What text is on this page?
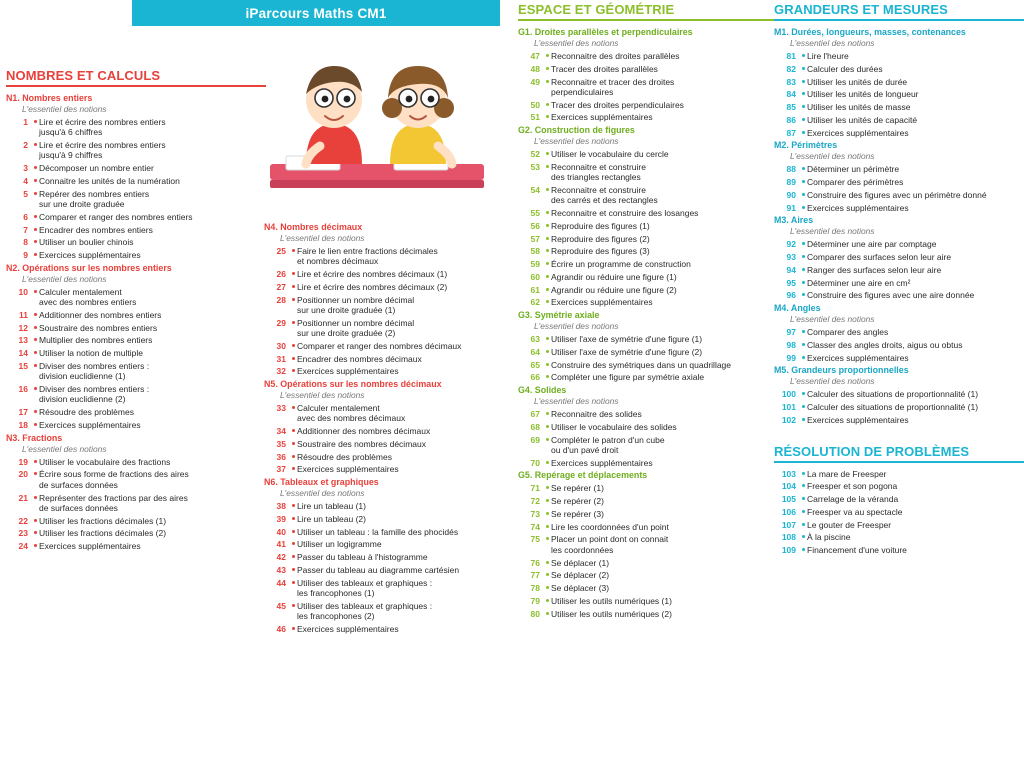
iParcours Maths CM1
NOMBRES ET CALCULS
N1. Nombres entiers
L'essentiel des notions
1	Lire et écrire des nombres entiers
jusqu'à 6 chiffres
2	Lire et écrire des nombres entiers
jusqu'à 9 chiffres
3	Décomposer un nombre entier
4	Connaitre les unités de la numération
5	Repérer des nombres entiers
sur une droite graduée
6	Comparer et ranger des nombres entiers
7	Encadrer des nombres entiers
8	Utiliser un boulier chinois
9	Exercices supplémentaires
N2. Opérations sur les nombres entiers
L'essentiel des notions
10	Calculer mentalement
avec des nombres entiers
11	Additionner des nombres entiers
12	Soustraire des nombres entiers
13	Multiplier des nombres entiers
14	Utiliser la notion de multiple
15	Diviser des nombres entiers :
division euclidienne (1)
16	Diviser des nombres entiers :
division euclidienne (2)
17	Résoudre des problèmes
18	Exercices supplémentaires
N3. Fractions
L'essentiel des notions
19	Utiliser le vocabulaire des fractions
20	Écrire sous forme de fractions des aires
de surfaces données
21	Représenter des fractions par des aires
de surfaces données
22	Utiliser les fractions décimales (1)
23	Utiliser les fractions décimales (2)
24	Exercices supplémentaires
N4. Nombres décimaux
L'essentiel des notions
25	Faire le lien entre fractions décimales
et nombres décimaux
26	Lire et écrire des nombres décimaux (1)
27	Lire et écrire des nombres décimaux (2)
28	Positionner un nombre décimal
sur une droite graduée (1)
29	Positionner un nombre décimal
sur une droite graduée (2)
30	Comparer et ranger des nombres décimaux
31	Encadrer des nombres décimaux
32	Exercices supplémentaires
N5. Opérations sur les nombres décimaux
L'essentiel des notions
33	Calculer mentalement
avec des nombres décimaux
34	Additionner des nombres décimaux
35	Soustraire des nombres décimaux
36	Résoudre des problèmes
37	Exercices supplémentaires
N6. Tableaux et graphiques
L'essentiel des notions
38	Lire un tableau (1)
39	Lire un tableau (2)
40	Utiliser un tableau : la famille des phocidés
41	Utiliser un logigramme
42	Passer du tableau à l'histogramme
43	Passer du tableau au diagramme cartésien
44	Utiliser des tableaux et graphiques :
les francophones (1)
45	Utiliser des tableaux et graphiques :
les francophones (2)
46	Exercices supplémentaires
ESPACE ET GÉOMÉTRIE
G1. Droites parallèles et perpendiculaires
L'essentiel des notions
47	Reconnaitre des droites parallèles
48	Tracer des droites parallèles
49	Reconnaitre et tracer des droites
perpendiculaires
50	Tracer des droites perpendiculaires
51	Exercices supplémentaires
G2. Construction de figures
L'essentiel des notions
52	Utiliser le vocabulaire du cercle
53	Reconnaitre et construire
des triangles rectangles
54	Reconnaitre et construire
des carrés et des rectangles
55	Reconnaitre et construire des losanges
56	Reproduire des figures (1)
57	Reproduire des figures (2)
58	Reproduire des figures (3)
59	Écrire un programme de construction
60	Agrandir ou réduire une figure (1)
61	Agrandir ou réduire une figure (2)
62	Exercices supplémentaires
G3. Symétrie axiale
L'essentiel des notions
63	Utiliser l'axe de symétrie d'une figure (1)
64	Utiliser l'axe de symétrie d'une figure (2)
65	Construire des symétriques dans un quadrillage
66	Compléter une figure par symétrie axiale
G4. Solides
L'essentiel des notions
67	Reconnaitre des solides
68	Utiliser le vocabulaire des solides
69	Compléter le patron d'un cube
ou d'un pavé droit
70	Exercices supplémentaires
G5. Repérage et déplacements
71	Se repérer (1)
72	Se repérer (2)
73	Se repérer (3)
74	Lire les coordonnées d'un point
75	Placer un point dont on connait
les coordonnées
76	Se déplacer (1)
77	Se déplacer (2)
78	Se déplacer (3)
79	Utiliser les outils numériques (1)
80	Utiliser les outils numériques (2)
GRANDEURS ET MESURES
M1. Durées, longueurs, masses, contenances
L'essentiel des notions
81	Lire l'heure
82	Calculer des durées
83	Utiliser les unités de durée
84	Utiliser les unités de longueur
85	Utiliser les unités de masse
86	Utiliser les unités de capacité
87	Exercices supplémentaires
M2. Périmètres
L'essentiel des notions
88	Déterminer un périmètre
89	Comparer des périmètres
90	Construire des figures avec un périmètre donné
91	Exercices supplémentaires
M3. Aires
L'essentiel des notions
92	Déterminer une aire par comptage
93	Comparer des surfaces selon leur aire
94	Ranger des surfaces selon leur aire
95	Déterminer une aire en cm²
96	Construire des figures avec une aire donnée
M4. Angles
L'essentiel des notions
97	Comparer des angles
98	Classer des angles droits, aigus ou obtus
99	Exercices supplémentaires
M5. Grandeurs proportionnelles
L'essentiel des notions
100	Calculer des situations de proportionnalité (1)
101	Calculer des situations de proportionnalité (1)
102	Exercices supplémentaires
RÉSOLUTION DE PROBLÈMES
103	La mare de Freesper
104	Freesper et son pogona
105	Carrelage de la véranda
106	Freesper va au spectacle
107	Le gouter de Freesper
108	À la piscine
109	Financement d'une voiture
